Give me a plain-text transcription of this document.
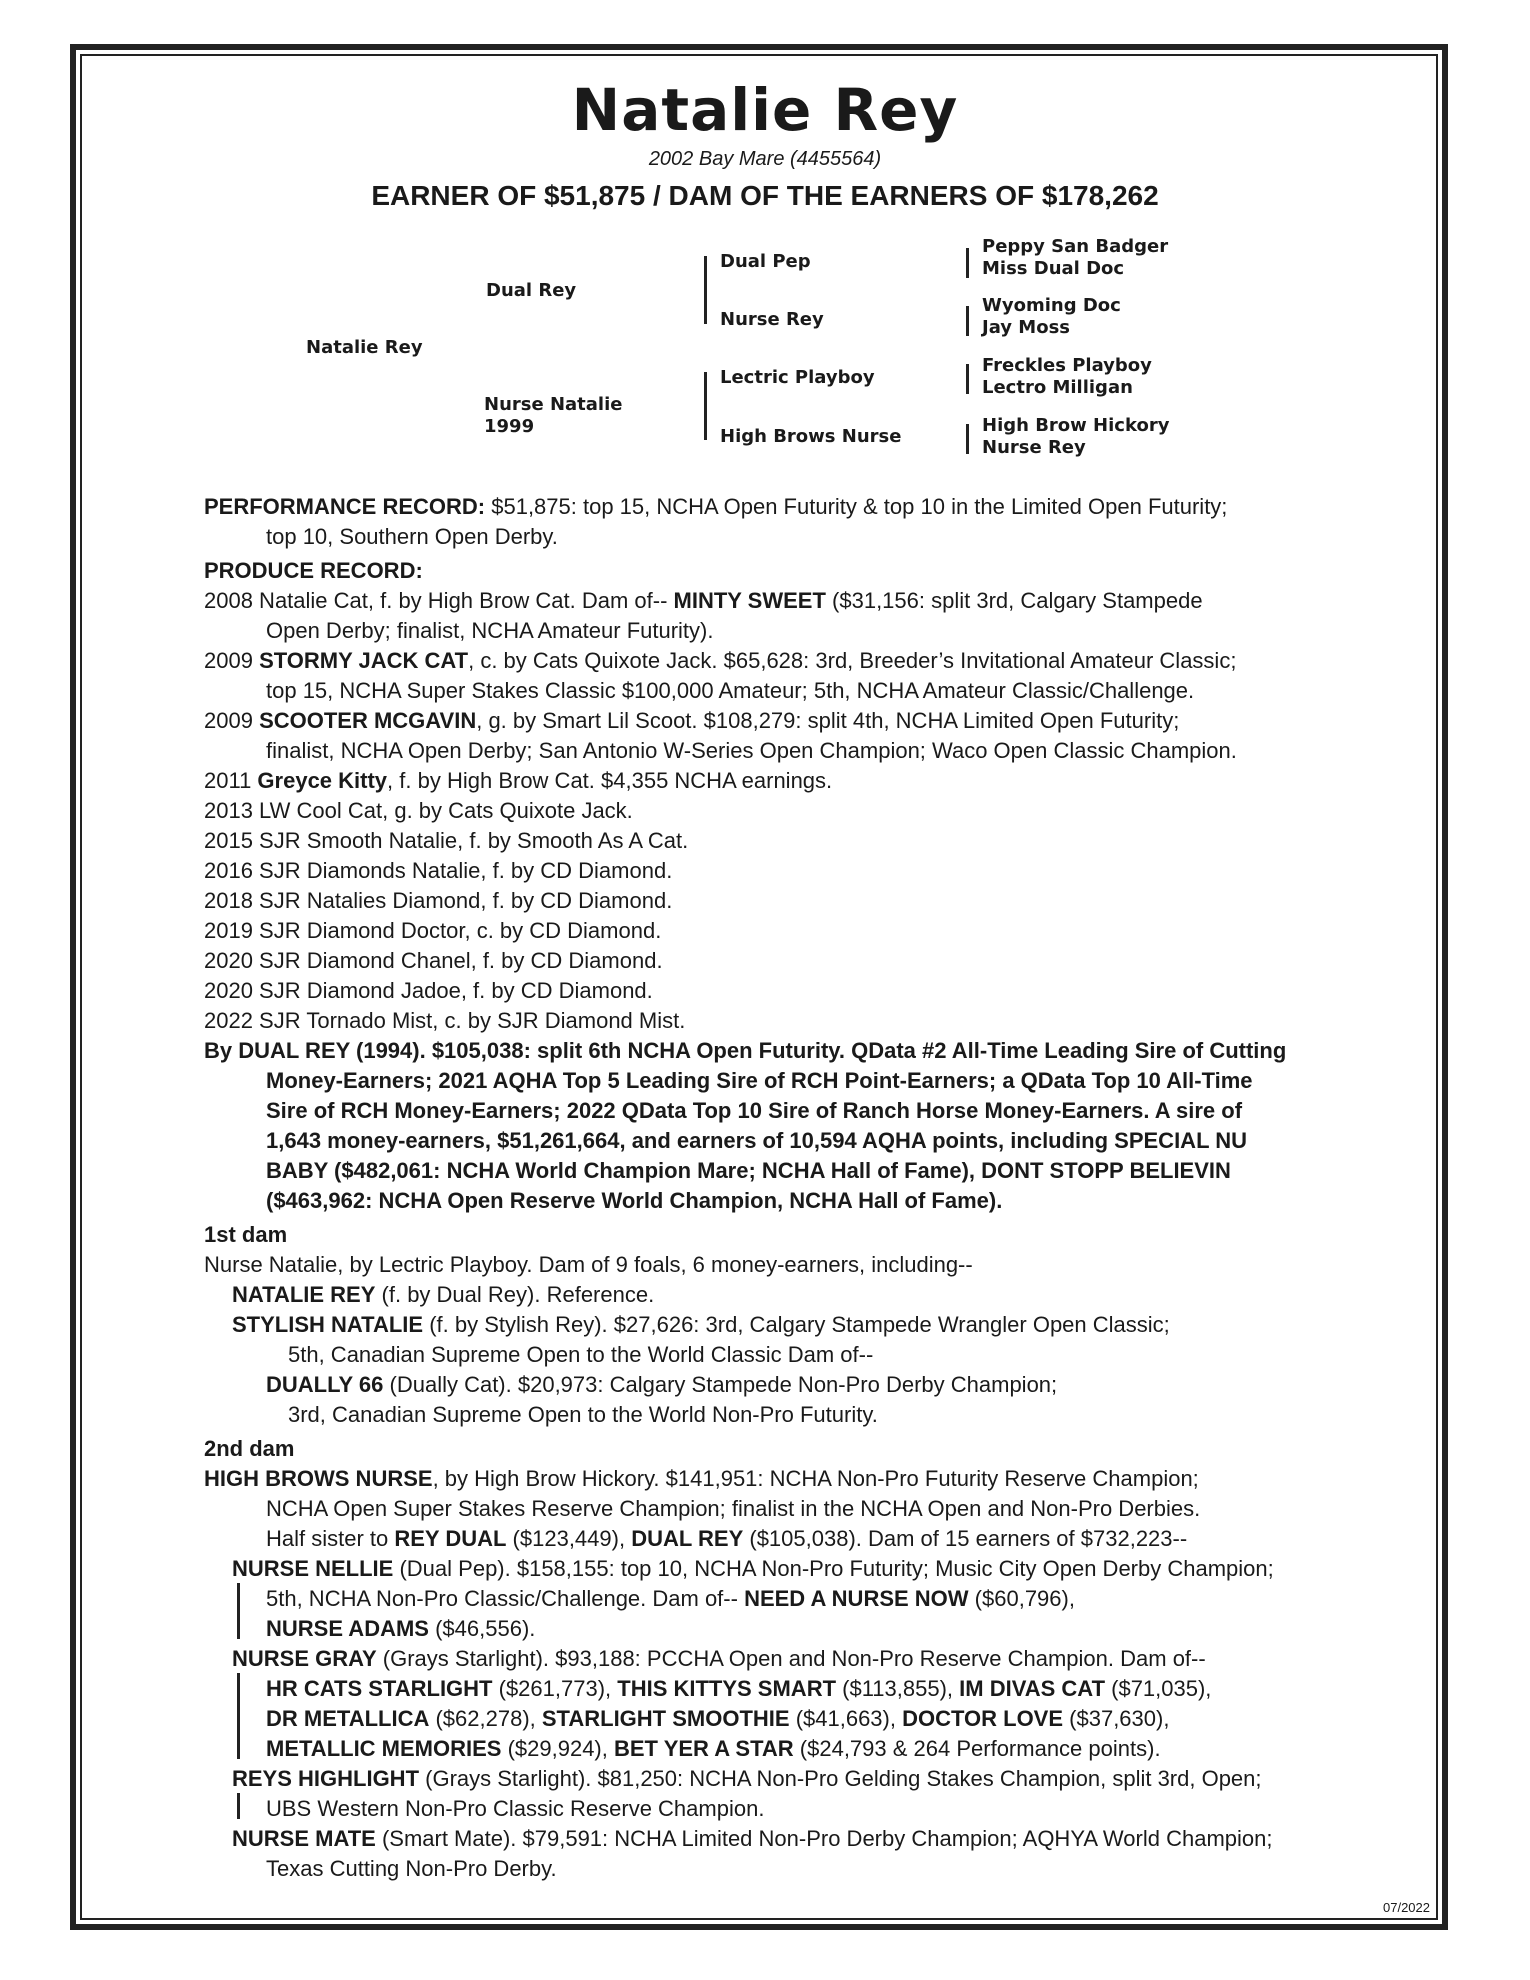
Natalie Rey
2002 Bay Mare (4455564)
EARNER OF $51,875 / DAM OF THE EARNERS OF $178,262
Natalie Rey
Dual Rey
Nurse Natalie
1999
Dual Pep
Nurse Rey
Lectric Playboy
High Brows Nurse
Peppy San Badger
Miss Dual Doc
Wyoming Doc
Jay Moss
Freckles Playboy
Lectro Milligan
High Brow Hickory
Nurse Rey

PERFORMANCE RECORD: $51,875: top 15, NCHA Open Futurity & top 10 in the Limited Open Futurity;

top 10, Southern Open Derby.

PRODUCE RECORD:

2008 Natalie Cat, f. by High Brow Cat. Dam of-- MINTY SWEET ($31,156: split 3rd, Calgary Stampede

Open Derby; finalist, NCHA Amateur Futurity).

2009 STORMY JACK CAT, c. by Cats Quixote Jack. $65,628: 3rd, Breeder’s Invitational Amateur Classic;

top 15, NCHA Super Stakes Classic $100,000 Amateur; 5th, NCHA Amateur Classic/Challenge.

2009 SCOOTER MCGAVIN, g. by Smart Lil Scoot. $108,279: split 4th, NCHA Limited Open Futurity;

finalist, NCHA Open Derby; San Antonio W-Series Open Champion; Waco Open Classic Champion.

2011 Greyce Kitty, f. by High Brow Cat. $4,355 NCHA earnings.

2013 LW Cool Cat, g. by Cats Quixote Jack.

2015 SJR Smooth Natalie, f. by Smooth As A Cat.

2016 SJR Diamonds Natalie, f. by CD Diamond.

2018 SJR Natalies Diamond, f. by CD Diamond.

2019 SJR Diamond Doctor, c. by CD Diamond.

2020 SJR Diamond Chanel, f. by CD Diamond.

2020 SJR Diamond Jadoe, f. by CD Diamond.

2022 SJR Tornado Mist, c. by SJR Diamond Mist.

By DUAL REY (1994). $105,038: split 6th NCHA Open Futurity. QData #2 All-Time Leading Sire of Cutting

Money-Earners; 2021 AQHA Top 5 Leading Sire of RCH Point-Earners; a QData Top 10 All-Time

Sire of RCH Money-Earners; 2022 QData Top 10 Sire of Ranch Horse Money-Earners. A sire of

1,643 money-earners, $51,261,664, and earners of 10,594 AQHA points, including SPECIAL NU

BABY ($482,061: NCHA World Champion Mare; NCHA Hall of Fame), DONT STOPP BELIEVIN

($463,962: NCHA Open Reserve World Champion, NCHA Hall of Fame).

1st dam

Nurse Natalie, by Lectric Playboy. Dam of 9 foals, 6 money-earners, including--

NATALIE REY (f. by Dual Rey). Reference.

STYLISH NATALIE (f. by Stylish Rey). $27,626: 3rd, Calgary Stampede Wrangler Open Classic;

5th, Canadian Supreme Open to the World Classic Dam of--

DUALLY 66 (Dually Cat). $20,973: Calgary Stampede Non-Pro Derby Champion;

3rd, Canadian Supreme Open to the World Non-Pro Futurity.

2nd dam

HIGH BROWS NURSE, by High Brow Hickory. $141,951: NCHA Non-Pro Futurity Reserve Champion;

NCHA Open Super Stakes Reserve Champion; finalist in the NCHA Open and Non-Pro Derbies.

Half sister to REY DUAL ($123,449), DUAL REY ($105,038). Dam of 15 earners of $732,223--

NURSE NELLIE (Dual Pep). $158,155: top 10, NCHA Non-Pro Futurity; Music City Open Derby Champion;

5th, NCHA Non-Pro Classic/Challenge. Dam of-- NEED A NURSE NOW ($60,796),

NURSE ADAMS ($46,556).

NURSE GRAY (Grays Starlight). $93,188: PCCHA Open and Non-Pro Reserve Champion. Dam of--

HR CATS STARLIGHT ($261,773), THIS KITTYS SMART ($113,855), IM DIVAS CAT ($71,035),

DR METALLICA ($62,278), STARLIGHT SMOOTHIE ($41,663), DOCTOR LOVE ($37,630),

METALLIC MEMORIES ($29,924), BET YER A STAR ($24,793 & 264 Performance points).

REYS HIGHLIGHT (Grays Starlight). $81,250: NCHA Non-Pro Gelding Stakes Champion, split 3rd, Open;

UBS Western Non-Pro Classic Reserve Champion.

NURSE MATE (Smart Mate). $79,591: NCHA Limited Non-Pro Derby Champion; AQHYA World Champion;

Texas Cutting Non-Pro Derby.

07/2022
